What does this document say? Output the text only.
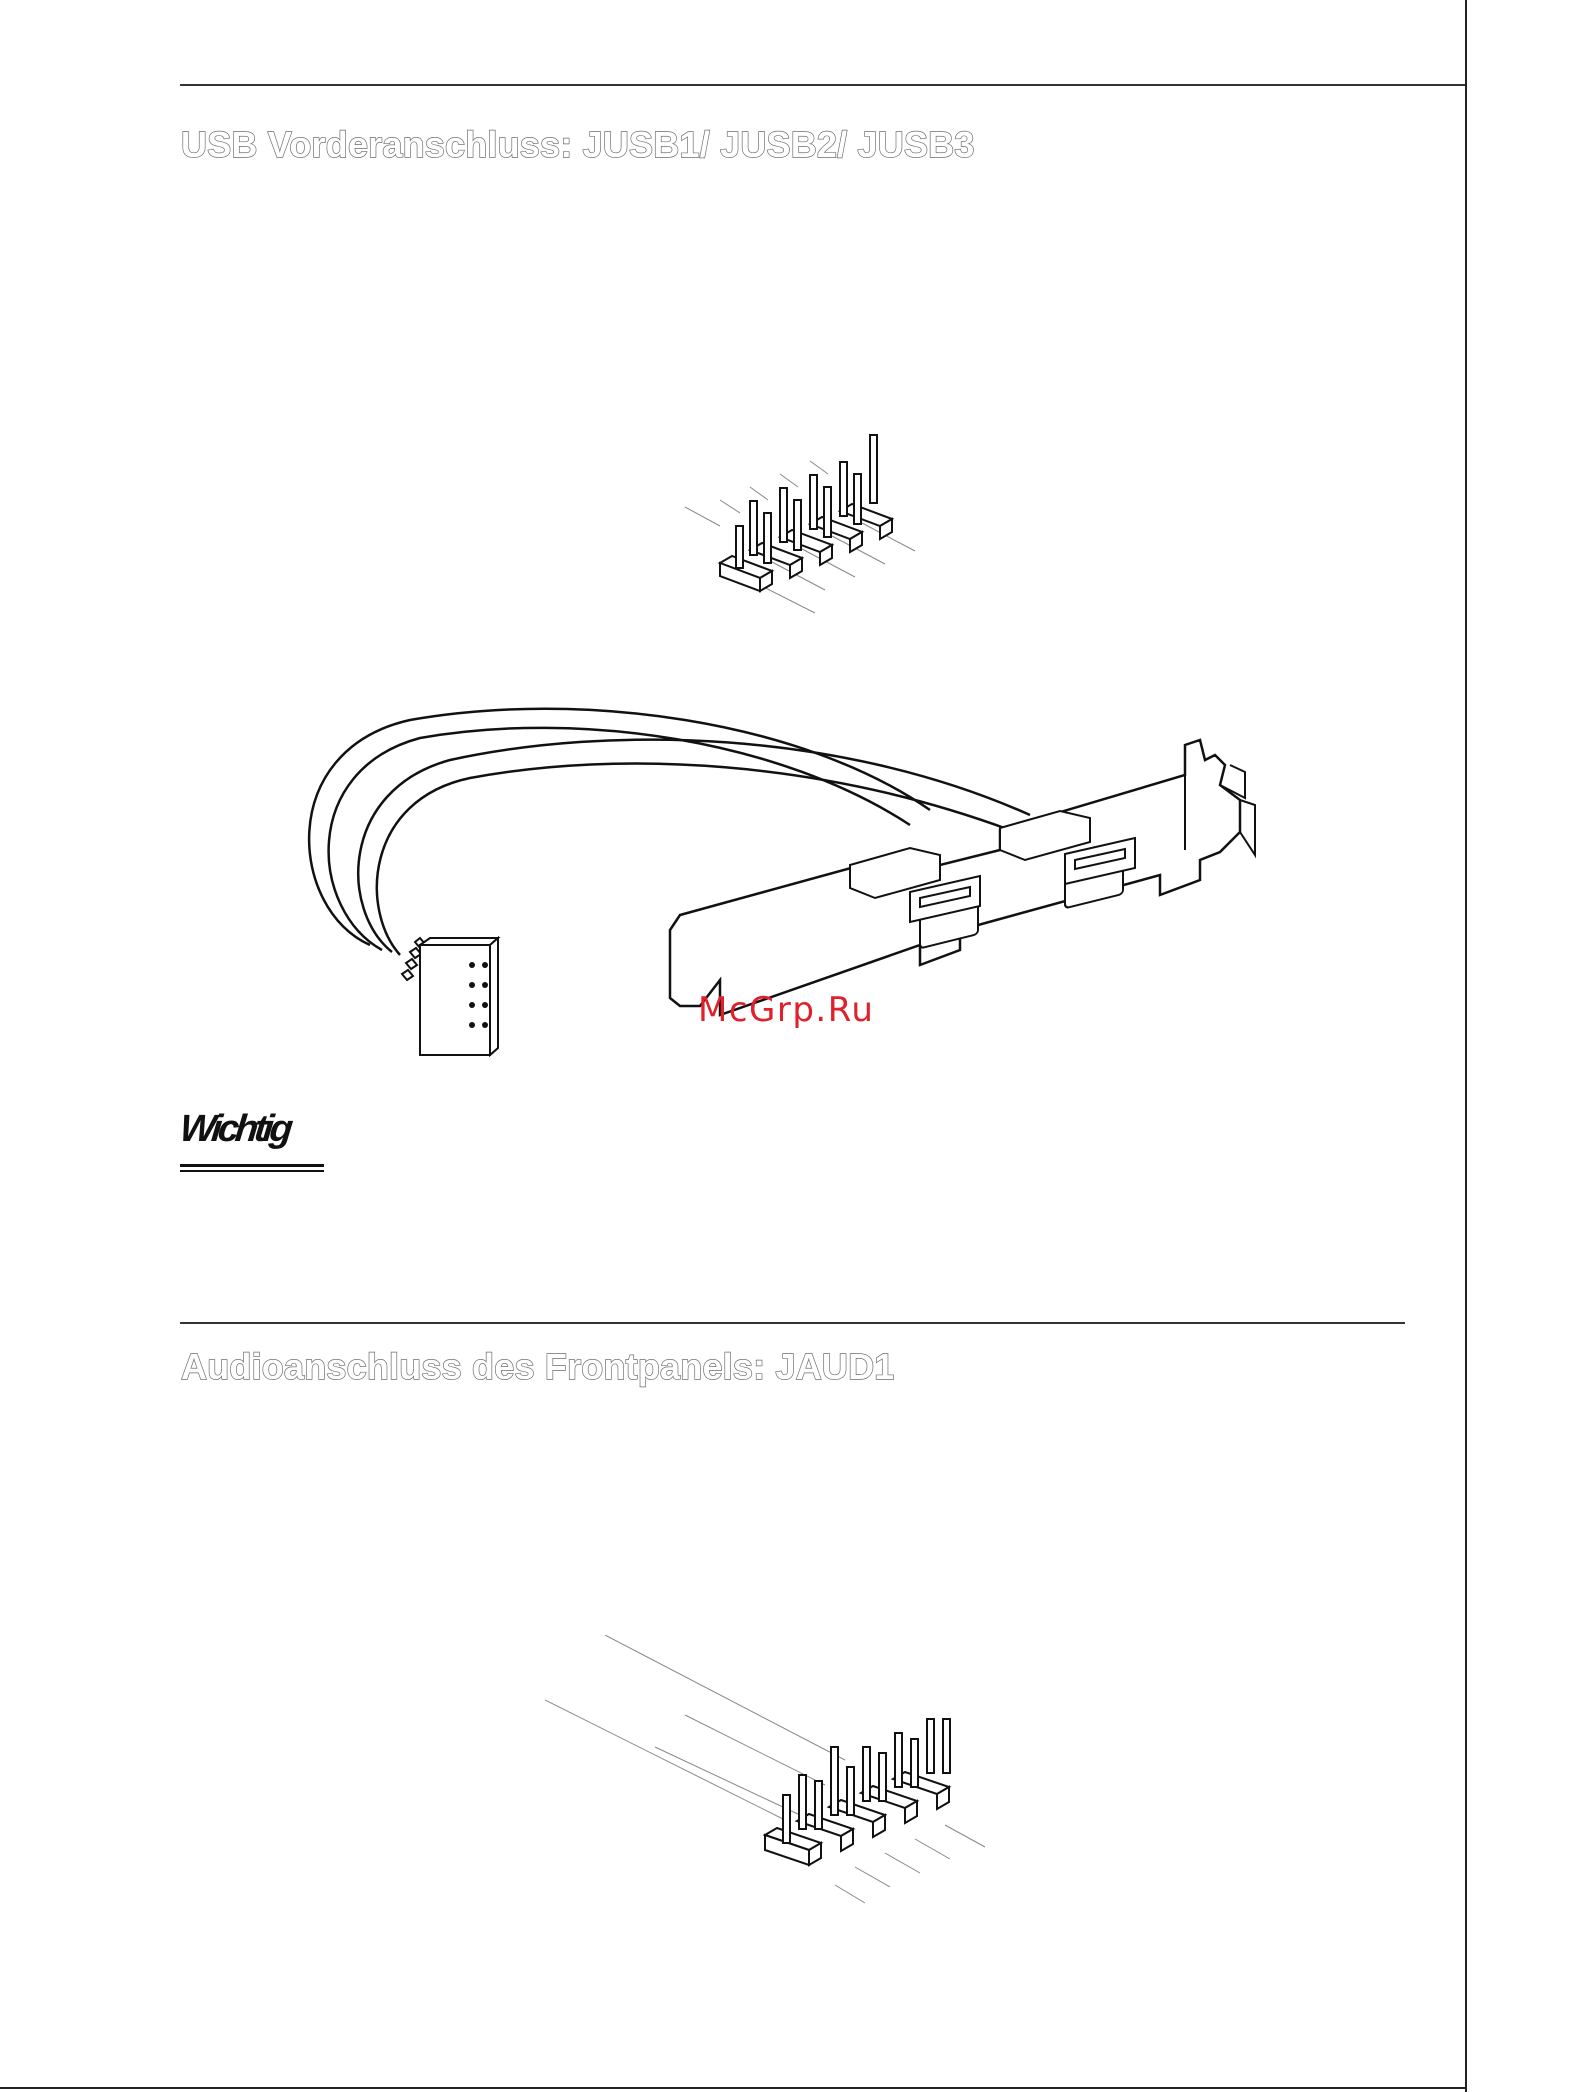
USB Vorderanschluss: JUSB1/ JUSB2/ JUSB3
McGrp.Ru
Wichtig
Audioanschluss des Frontpanels: JAUD1
